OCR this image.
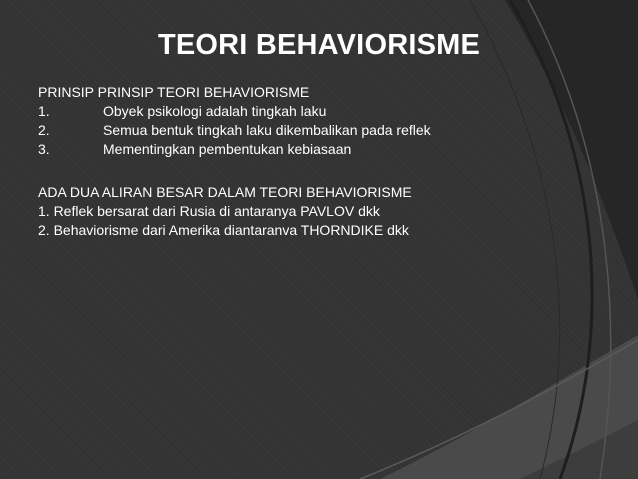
TEORI BEHAVIORISME
PRINSIP PRINSIP TEORI BEHAVIORISME
1.	Obyek psikologi adalah tingkah laku
2.	Semua bentuk tingkah laku dikembalikan pada reflek
3.	Mementingkan pembentukan kebiasaan
ADA DUA ALIRAN BESAR DALAM TEORI BEHAVIORISME
1. Reflek bersarat dari Rusia di antaranya PAVLOV dkk
2. Behaviorisme dari Amerika diantaranva THORNDIKE dkk
